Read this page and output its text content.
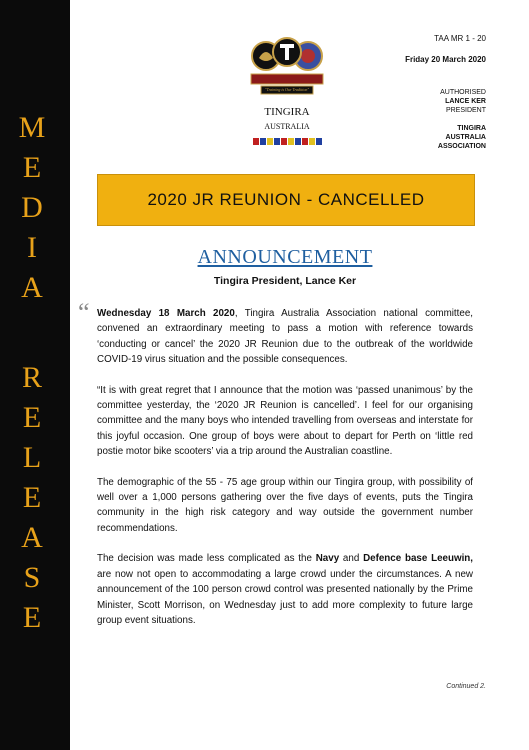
M
E
D
I
A
R
E
L
E
A
S
E
"Training is Our Tradition"
TINGIRA
AUSTRALIA
TAA MR 1 - 20
Friday 20 March 2020
AUTHORISED
LANCE KER
PRESIDENT
TINGIRA
AUSTRALIA
ASSOCIATION
2020 JR REUNION - CANCELLED
ANNOUNCEMENT
Tingira President, Lance Ker
“ Wednesday 18 March 2020, Tingira Australia Association national committee, convened an extraordinary meeting to pass a motion with reference towards ‘conducting or cancel’ the 2020 JR Reunion due to the outbreak of the worldwide COVID-19 virus situation and the possible consequences.

“It is with great regret that I announce that the motion was ‘passed unanimous’ by the committee yesterday, the ‘2020 JR Reunion is cancelled’. I feel for our organising committee and the many boys who intended travelling from overseas and interstate for this joyful occasion. One group of boys were about to depart for Perth on ‘little red postie motor bike scooters’ via a trip around the Australian coastline.

The demographic of the 55 - 75 age group within our Tingira group, with possibility of well over a 1,000 persons gathering over the five days of events, puts the Tingira community in the high risk category and way outside the government number recommendations.

The decision was made less complicated as the Navy and Defence base Leeuwin, are now not open to accommodating a large crowd under the circumstances. A new announcement of the 100 person crowd control was presented nationally by the Prime Minister, Scott Morrison, on Wednesday just to add more complexity to future large group event situations.

Continued 2.
